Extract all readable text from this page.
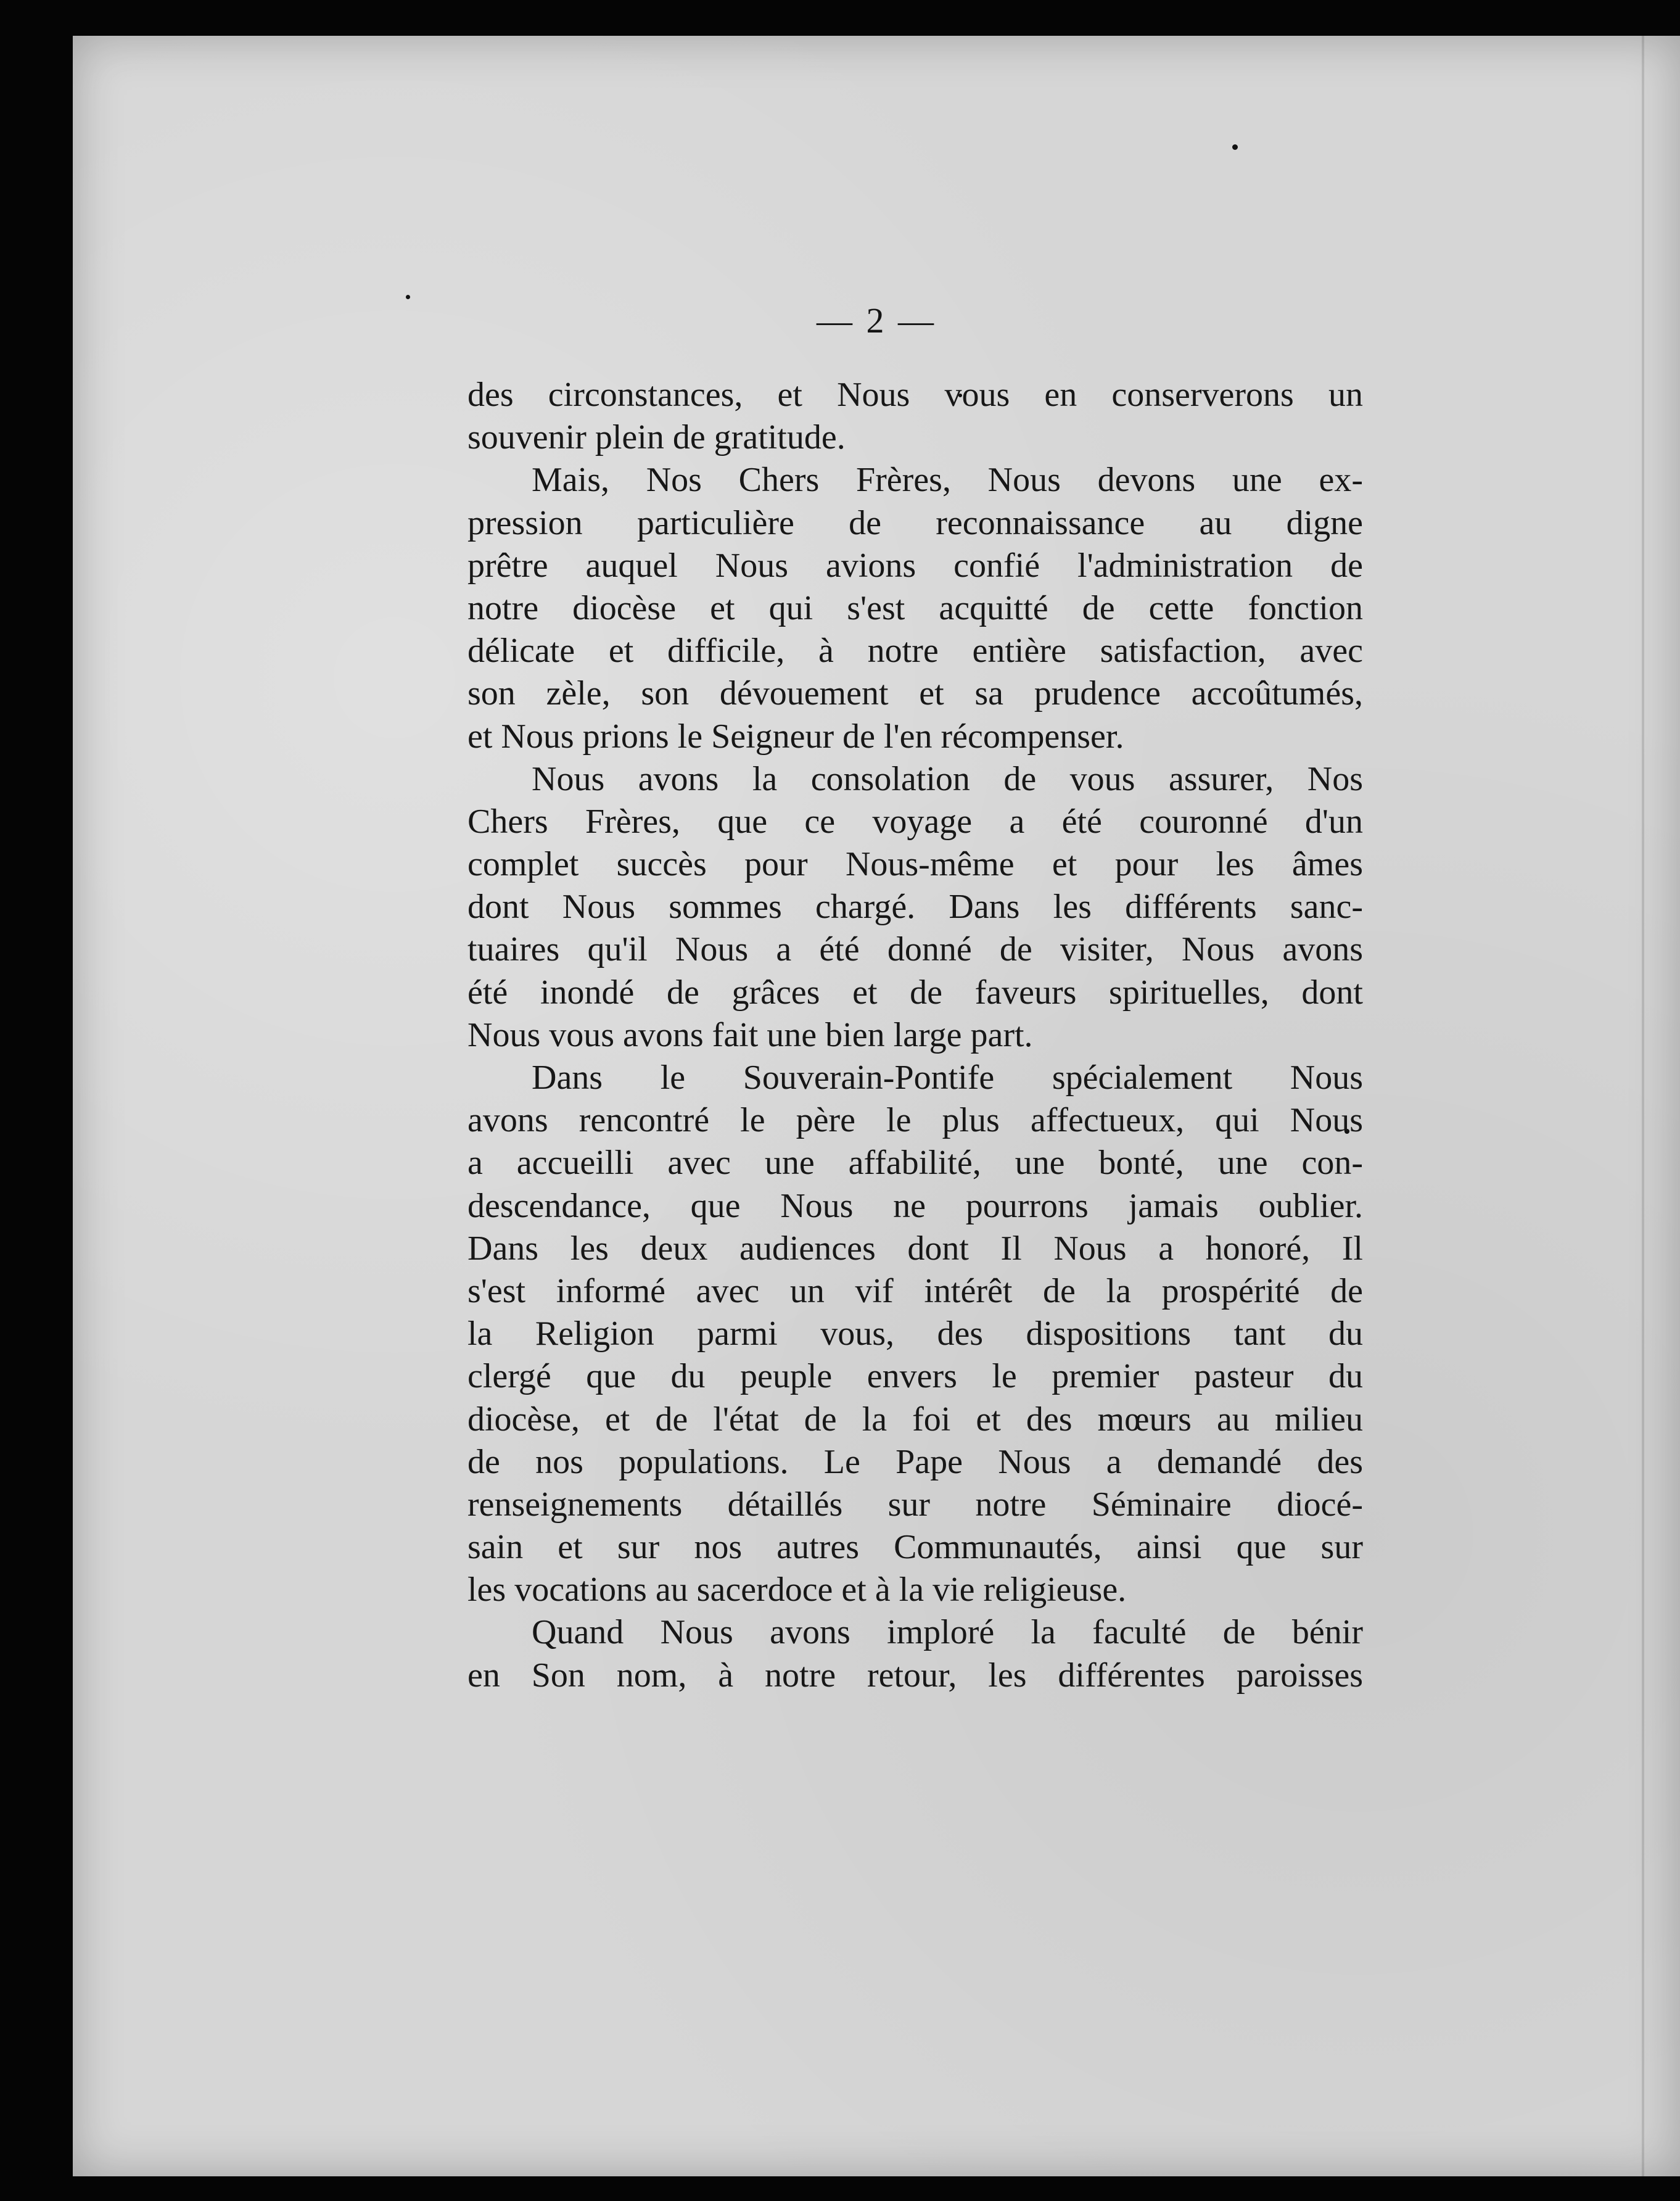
— 2 —

des circonstances, et Nous vous en conserverons un
souvenir plein de gratitude.

Mais, Nos Chers Frères, Nous devons une ex-
pression particulière de reconnaissance au digne
prêtre auquel Nous avions confié l'administration de
notre diocèse et qui s'est acquitté de cette fonction
délicate et difficile, à notre entière satisfaction, avec
son zèle, son dévouement et sa prudence accoûtumés,
et Nous prions le Seigneur de l'en récompenser.

Nous avons la consolation de vous assurer, Nos
Chers Frères, que ce voyage a été couronné d'un
complet succès pour Nous-même et pour les âmes
dont Nous sommes chargé. Dans les différents sanc-
tuaires qu'il Nous a été donné de visiter, Nous avons
été inondé de grâces et de faveurs spirituelles, dont
Nous vous avons fait une bien large part.

Dans le Souverain-Pontife spécialement Nous
avons rencontré le père le plus affectueux, qui Nous
a accueilli avec une affabilité, une bonté, une con-
descendance, que Nous ne pourrons jamais oublier.
Dans les deux audiences dont Il Nous a honoré, Il
s'est informé avec un vif intérêt de la prospérité de
la Religion parmi vous, des dispositions tant du
clergé que du peuple envers le premier pasteur du
diocèse, et de l'état de la foi et des mœurs au milieu
de nos populations. Le Pape Nous a demandé des
renseignements détaillés sur notre Séminaire diocé-
sain et sur nos autres Communautés, ainsi que sur
les vocations au sacerdoce et à la vie religieuse.

Quand Nous avons imploré la faculté de bénir
en Son nom, à notre retour, les différentes paroisses
